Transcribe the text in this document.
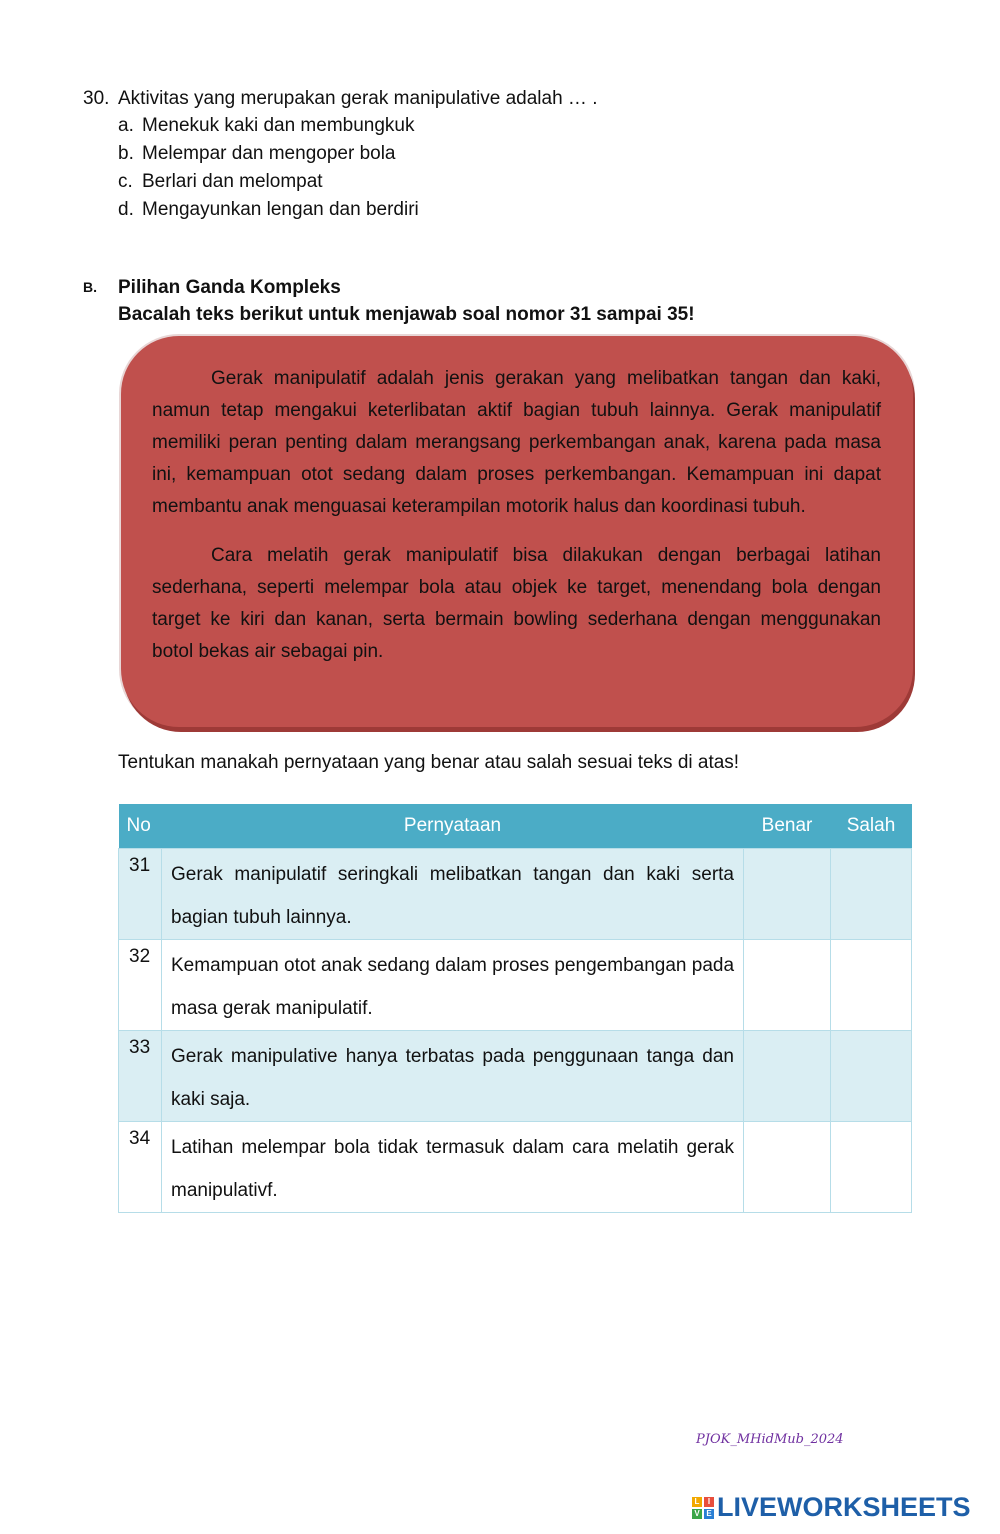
30. Aktivitas yang merupakan gerak manipulative adalah … .
a. Menekuk kaki dan membungkuk
b. Melempar dan mengoper bola
c. Berlari dan melompat
d. Mengayunkan lengan dan berdiri
B.	Pilihan Ganda Kompleks
Bacalah teks berikut untuk menjawab soal nomor 31 sampai 35!

Gerak manipulatif adalah jenis gerakan yang melibatkan tangan dan kaki, namun tetap mengakui keterlibatan aktif bagian tubuh lainnya. Gerak manipulatif memiliki peran penting dalam merangsang perkembangan anak, karena pada masa ini, kemampuan otot sedang dalam proses perkembangan. Kemampuan ini dapat membantu anak menguasai keterampilan motorik halus dan koordinasi tubuh.

Cara melatih gerak manipulatif bisa dilakukan dengan berbagai latihan sederhana, seperti melempar bola atau objek ke target, menendang bola dengan target ke kiri dan kanan, serta bermain bowling sederhana dengan menggunakan botol bekas air sebagai pin.

Tentukan manakah pernyataan yang benar atau salah sesuai teks di atas!
No	Pernyataan	Benar	Salah
31	Gerak manipulatif seringkali melibatkan tangan dan kaki serta bagian tubuh lainnya.		
32	Kemampuan otot anak sedang dalam proses pengembangan pada masa gerak manipulatif.		
33	Gerak manipulative hanya terbatas pada penggunaan tanga dan kaki saja.		
34	Latihan melempar bola tidak termasuk dalam cara melatih gerak manipulativf.		
PJOK_MHidMub_2024
L	I
V E LIVEWORKSHEETS
